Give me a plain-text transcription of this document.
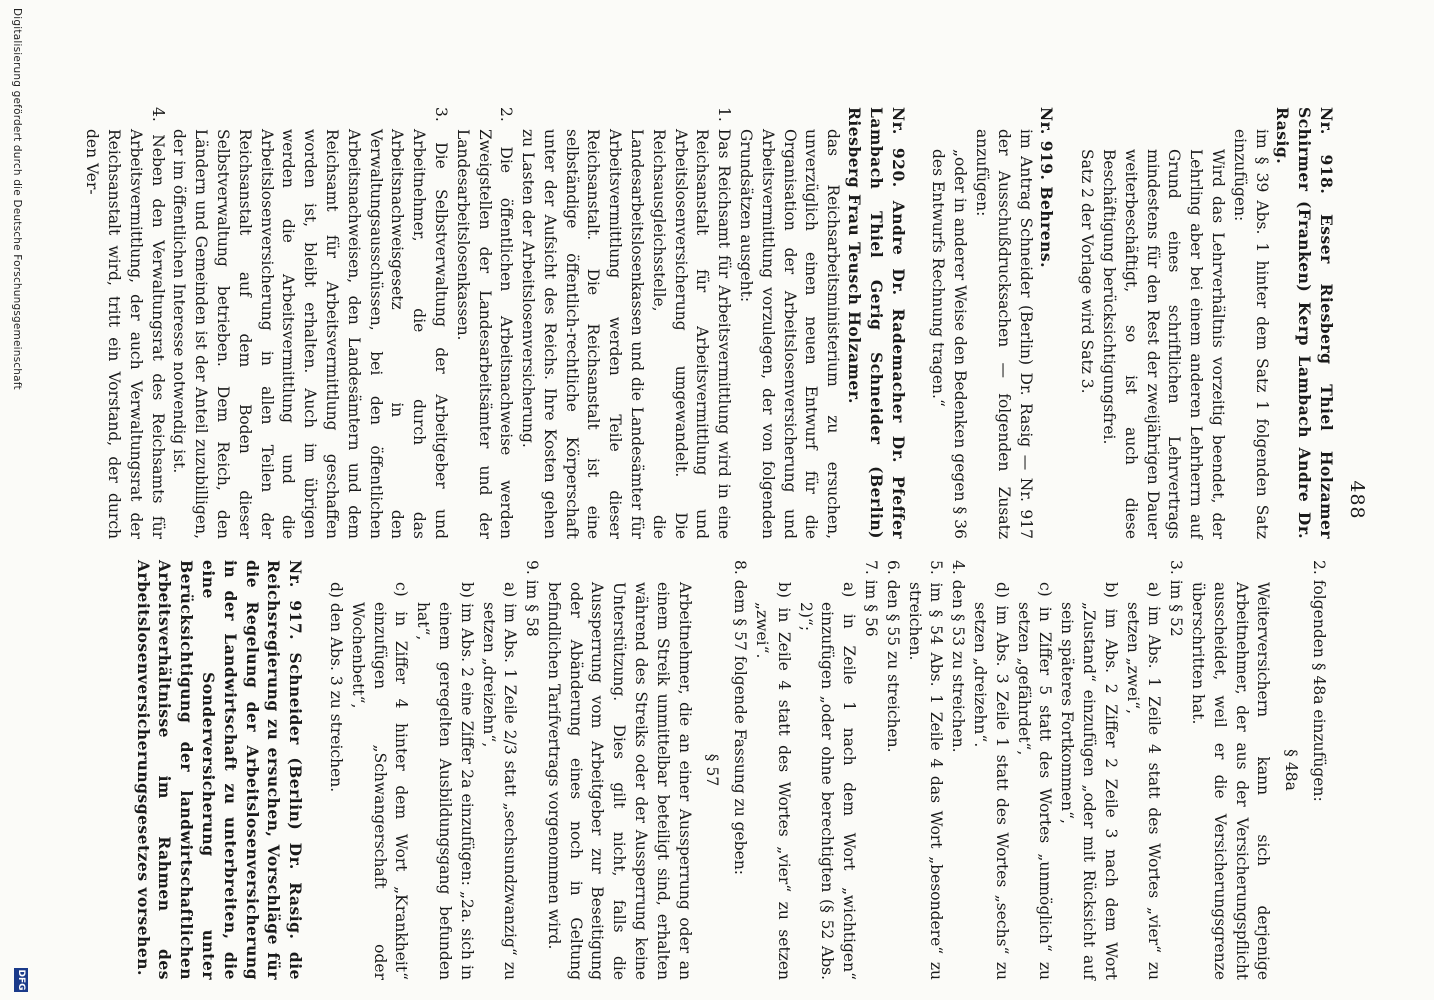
488

2. folgenden § 48a einzufügen:

§ 48a

Weiterversichern kann sich derjenige Arbeitnehmer, der aus der Versicherungspflicht ausscheidet, weil er die Versicherungsgrenze überschritten hat.

3. im § 52

a) im Abs. 1 Zeile 4 statt des Wortes „vier“ zu setzen „zwei“,

b) im Abs. 2 Ziffer 2 Zeile 3 nach dem Wort „Zustand“ einzufügen „oder mit Rücksicht auf sein späteres Fortkommen“,

c) in Ziffer 5 statt des Wortes „unmöglich“ zu setzen „gefährdet“,

d) im Abs. 3 Zeile 1 statt des Wortes „sechs“ zu setzen „dreizehn“.

4. den § 53 zu streichen.

5. im § 54 Abs. 1 Zeile 4 das Wort „besondere“ zu streichen.

6. den § 55 zu streichen.

7. im § 56

a) in Zeile 1 nach dem Wort „wichtigen“ einzufügen „oder ohne berechtigten (§ 52 Abs. 2)“;

b) in Zeile 4 statt des Wortes „vier“ zu setzen „zwei“.

8. dem § 57 folgende Fassung zu geben:

§ 57

Arbeitnehmer, die an einer Aussperrung oder an einem Streik unmittelbar beteiligt sind, erhalten während des Streiks oder der Aussperrung keine Unterstützung. Dies gilt nicht, falls die Aussperrung vom Arbeitgeber zur Beseitigung oder Abänderung eines noch in Geltung befindlichen Tarifvertrags vorgenommen wird.

9. im § 58

a) im Abs. 1 Zeile 2/3 statt „sechsundzwanzig“ zu setzen „dreizehn“,

b) im Abs. 2 eine Ziffer 2a einzufügen: „2a. sich in einem geregelten Ausbildungsgang befunden hat“,

c) in Ziffer 4 hinter dem Wort „Krankheit“ einzufügen „Schwangerschaft oder Wochenbett“,

d) den Abs. 3 zu streichen.

Nr. 917. Schneider (Berlin) Dr. Rasig. die Reichsregierung zu ersuchen, Vorschläge für die Regelung der Arbeitslosenversicherung in der Landwirtschaft zu unterbreiten, die eine Sonderversicherung unter Berücksichtigung der landwirtschaftlichen Arbeitsverhältnisse im Rahmen des Arbeitslosenversicherungsgesetzes vorsehen.

Nr. 918. Esser Riesberg Thiel Holzamer Schirmer (Franken) Kerp Lambach Andre Dr. Rasig.

im § 39 Abs. 1 hinter dem Satz 1 folgenden Satz einzufügen:

Wird das Lehrverhältnis vorzeitig beendet, der Lehrling aber bei einem anderen Lehrherrn auf Grund eines schriftlichen Lehrvertrags mindestens für den Rest der zweijährigen Dauer weiterbeschäftigt, so ist auch diese Beschäftigung berücksichtigungsfrei.

Satz 2 der Vorlage wird Satz 3.

Nr. 919. Behrens.

im Antrag Schneider (Berlin) Dr. Rasig — Nr. 917 der Ausschußdrucksachen — folgenden Zusatz anzufügen:

„oder in anderer Weise den Bedenken gegen § 36 des Entwurfs Rechnung tragen.“

Nr. 920. Andre Dr. Rademacher Dr. Pfeffer Lambach Thiel Gerig Schneider (Berlin) Riesberg Frau Teusch Holzamer.

das Reichsarbeitsministerium zu ersuchen, unverzüglich einen neuen Entwurf für die Organisation der Arbeitslosenversicherung und Arbeitsvermittlung vorzulegen, der von folgenden Grundsätzen ausgeht:

1. Das Reichsamt für Arbeitsvermittlung wird in eine Reichsanstalt für Arbeitsvermittlung und Arbeitslosenversicherung umgewandelt. Die Reichsausgleichsstelle, die Landesarbeitslosenkassen und die Landesämter für Arbeitsvermittlung werden Teile dieser Reichsanstalt. Die Reichsanstalt ist eine selbständige öffentlich-rechtliche Körperschaft unter der Aufsicht des Reichs. Ihre Kosten gehen zu Lasten der Arbeitslosenversicherung.

2. Die öffentlichen Arbeitsnachweise werden Zweigstellen der Landesarbeitsämter und der Landesarbeitslosenkassen.

3. Die Selbstverwaltung der Arbeitgeber und Arbeitnehmer, die durch das Arbeitsnachweisgesetz in den Verwaltungsausschüssen, bei den öffentlichen Arbeitsnachweisen, den Landesämtern und dem Reichsamt für Arbeitsvermittlung geschaffen worden ist, bleibt erhalten. Auch im übrigen werden die Arbeitsvermittlung und die Arbeitslosenversicherung in allen Teilen der Reichsanstalt auf dem Boden dieser Selbstverwaltung betrieben. Dem Reich, den Ländern und Gemeinden ist der Anteil zuzubilligen, der im öffentlichen Interesse notwendig ist.

4. Neben den Verwaltungsrat des Reichsamts für Arbeitsvermittlung, der auch Verwaltungsrat der Reichsanstalt wird, tritt ein Vorstand, der durch den Ver-

Digitalisierung gefördert durch die Deutsche Forschungsgemeinschaft
DFG
